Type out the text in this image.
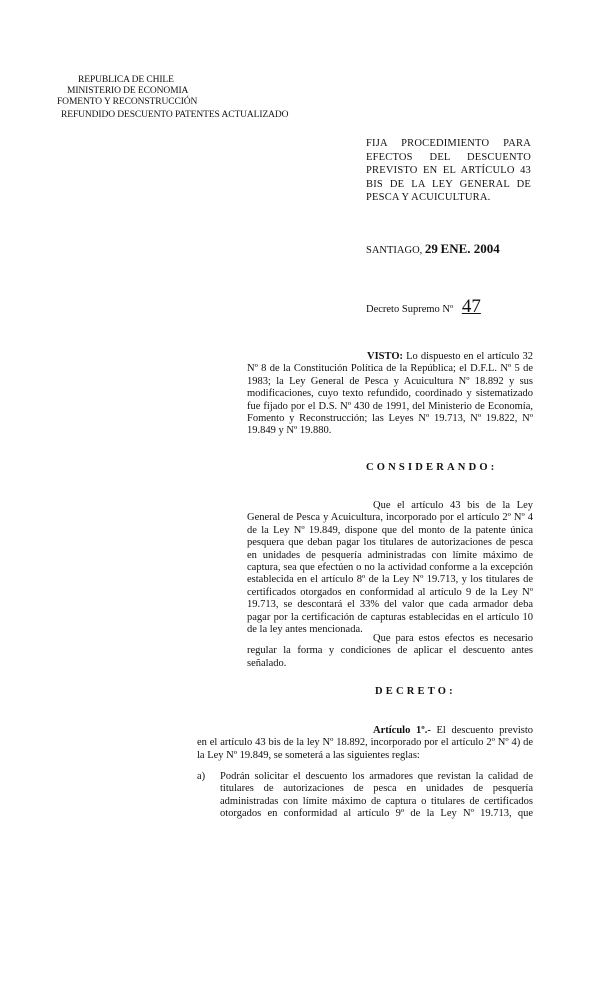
REPUBLICA DE CHILE
MINISTERIO DE ECONOMIA
FOMENTO Y RECONSTRUCCIÓN
REFUNDIDO DESCUENTO PATENTES ACTUALIZADO
FIJA PROCEDIMIENTO PARA EFECTOS DEL DESCUENTO PREVISTO EN EL ARTÍCULO 43 BIS DE LA LEY GENERAL DE PESCA Y ACUICULTURA.
SANTIAGO, 29 ENE. 2004
Decreto Supremo Nº 47
VISTO: Lo dispuesto en el artículo 32 Nº 8 de la Constitución Política de la República; el D.F.L. Nº 5 de 1983; la Ley General de Pesca y Acuicultura Nº 18.892 y sus modificaciones, cuyo texto refundido, coordinado y sistematizado fue fijado por el D.S. Nº 430 de 1991, del Ministerio de Economía, Fomento y Reconstrucción; las Leyes Nº 19.713, Nº 19.822, Nº 19.849 y Nº 19.880.
CONSIDERANDO:
Que el artículo 43 bis de la Ley General de Pesca y Acuicultura, incorporado por el artículo 2º Nº 4 de la Ley Nº 19.849, dispone que del monto de la patente única pesquera que deban pagar los titulares de autorizaciones de pesca en unidades de pesquería administradas con límite máximo de captura, sea que efectúen o no la actividad conforme a la excepción establecida en el artículo 8º de la Ley Nº 19.713, y los titulares de certificados otorgados en conformidad al artículo 9 de la Ley Nº 19.713, se descontará el 33% del valor que cada armador deba pagar por la certificación de capturas establecidas en el artículo 10 de la ley antes mencionada.
Que para estos efectos es necesario regular la forma y condiciones de aplicar el descuento antes señalado.
DECRETO:
Artículo 1º.- El descuento previsto en el artículo 43 bis de la ley Nº 18.892, incorporado por el artículo 2º Nº 4) de la Ley Nº 19.849, se someterá a las siguientes reglas:
a) Podrán solicitar el descuento los armadores que revistan la calidad de titulares de autorizaciones de pesca en unidades de pesquería administradas con límite máximo de captura o titulares de certificados otorgados en conformidad al artículo 9º de la Ley Nº 19.713, que
